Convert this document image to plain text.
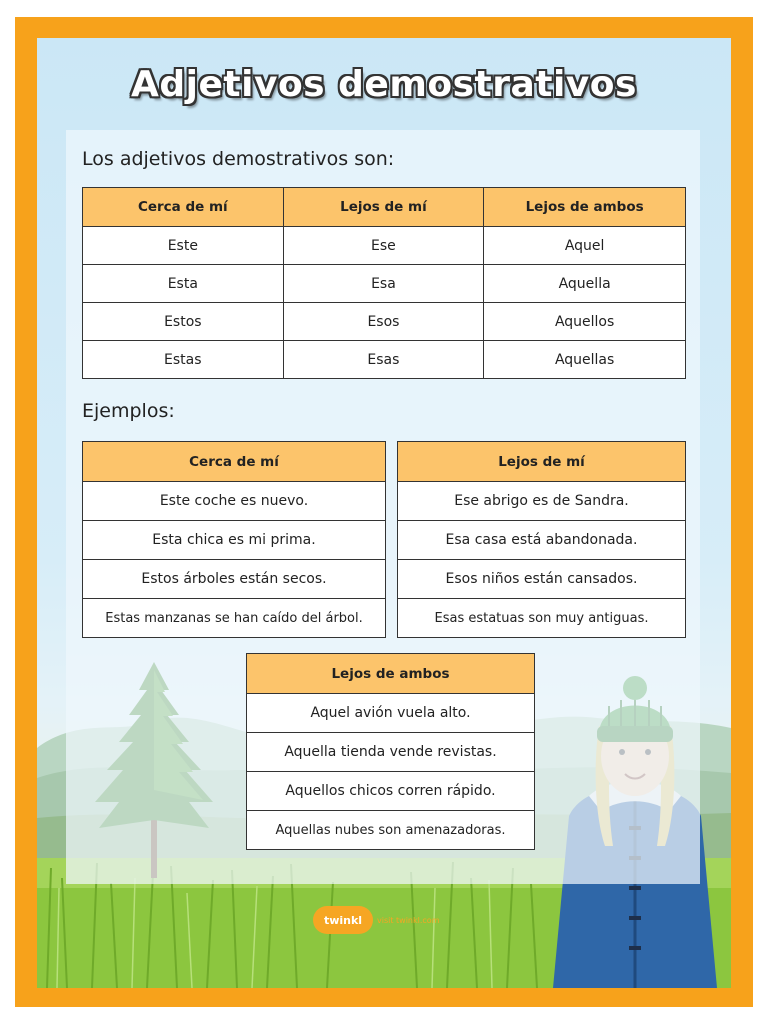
Adjetivos demostrativos
Los adjetivos demostrativos son:
Cerca de mí	Lejos de mí	Lejos de ambos
Este	Ese	Aquel
Esta	Esa	Aquella
Estos	Esos	Aquellos
Estas	Esas	Aquellas
Ejemplos:
Cerca de mí
Este coche es nuevo.
Esta chica es mi prima.
Estos árboles están secos.
Estas manzanas se han caído del árbol.
Lejos de mí
Ese abrigo es de Sandra.
Esa casa está abandonada.
Esos niños están cansados.
Esas estatuas son muy antiguas.
Lejos de ambos
Aquel avión vuela alto.
Aquella tienda vende revistas.
Aquellos chicos corren rápido.
Aquellas nubes son amenazadoras.
twinkl visit twinkl.com
